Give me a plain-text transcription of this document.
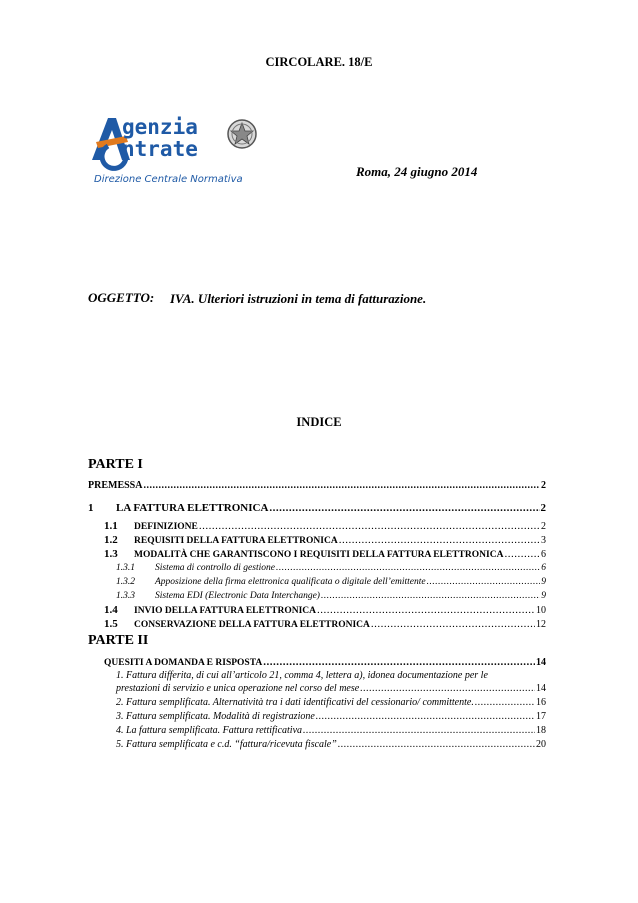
CIRCOLARE. 18/E
genzia
ntrate
Direzione Centrale Normativa
Roma, 24 giugno 2014
OGGETTO: IVA. Ulteriori istruzioni in tema di fatturazione.
INDICE
PARTE I
PREMESSA .....	2
1	LA FATTURA ELETTRONICA .....	2
1.1	DEFINIZIONE .....	2
1.2	REQUISITI DELLA FATTURA ELETTRONICA .....	3
1.3	MODALITÀ CHE GARANTISCONO I REQUISITI DELLA FATTURA ELETTRONICA .....	6
1.3.1	Sistema di controllo di gestione .....	6
1.3.2	Apposizione della firma elettronica qualificata o digitale dell’emittente .....	9
1.3.3	Sistema EDI (Electronic Data Interchange) .....	9
1.4	INVIO DELLA FATTURA ELETTRONICA .....	10
1.5	CONSERVAZIONE DELLA FATTURA ELETTRONICA .....	12
PARTE II
QUESITI A DOMANDA E RISPOSTA .....	14
1. Fattura differita, di cui all’articolo 21, comma 4, lettera a), idonea documentazione per le
prestazioni di servizio e unica operazione nel corso del mese .....	14
2. Fattura semplificata. Alternatività tra i dati identificativi del cessionario/ committente. .....	16
3. Fattura semplificata. Modalità di registrazione .....	17
4. La fattura semplificata. Fattura rettificativa .....	18
5. Fattura semplificata e c.d. “fattura/ricevuta fiscale” .....	20
